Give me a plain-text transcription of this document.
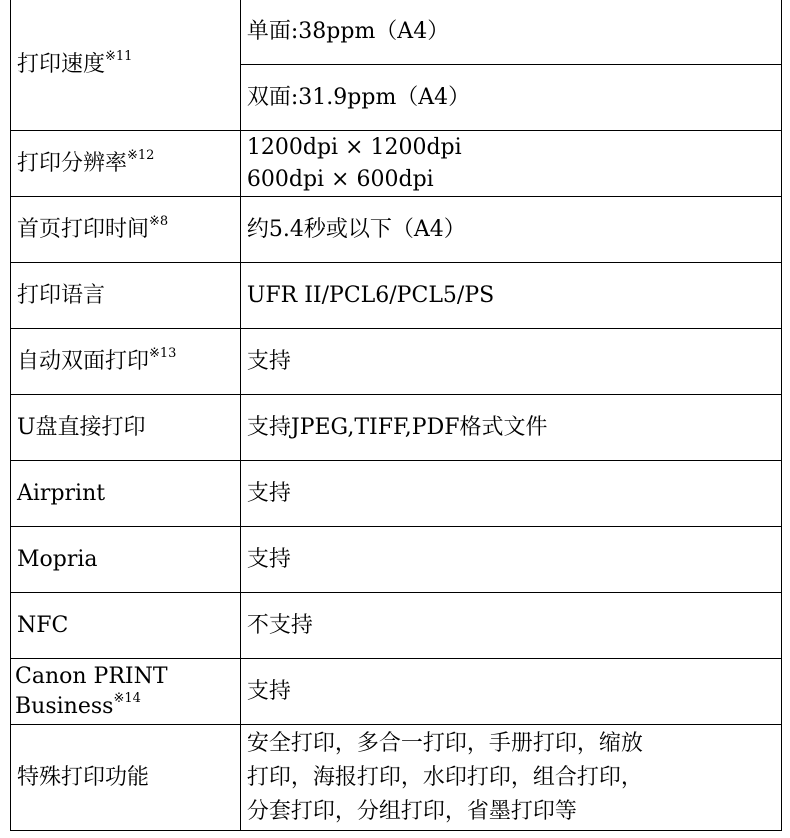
打印速度$^{※11}$	单面:38ppm（A4）
	双面:31.9ppm（A4）
打印分辨率$^{※12}$	1200dpi × 1200dpi
600dpi × 600dpi

首页打印时间$^{※8}$	约5.4秒或以下（A4）
打印语言	UFR II/PCL6/PCL5/PS
自动双面打印$^{※13}$	支持
U盘直接打印	支持JPEG,TIFF,PDF格式文件
Airprint	支持
Mopria	支持
NFC	不支持

Canon PRINT
Business$^{※14}$	支持
特殊打印功能	安全打印，多合一打印，手册打印，缩放
打印，海报打印，水印打印，组合打印，
分套打印，分组打印，省墨打印等
